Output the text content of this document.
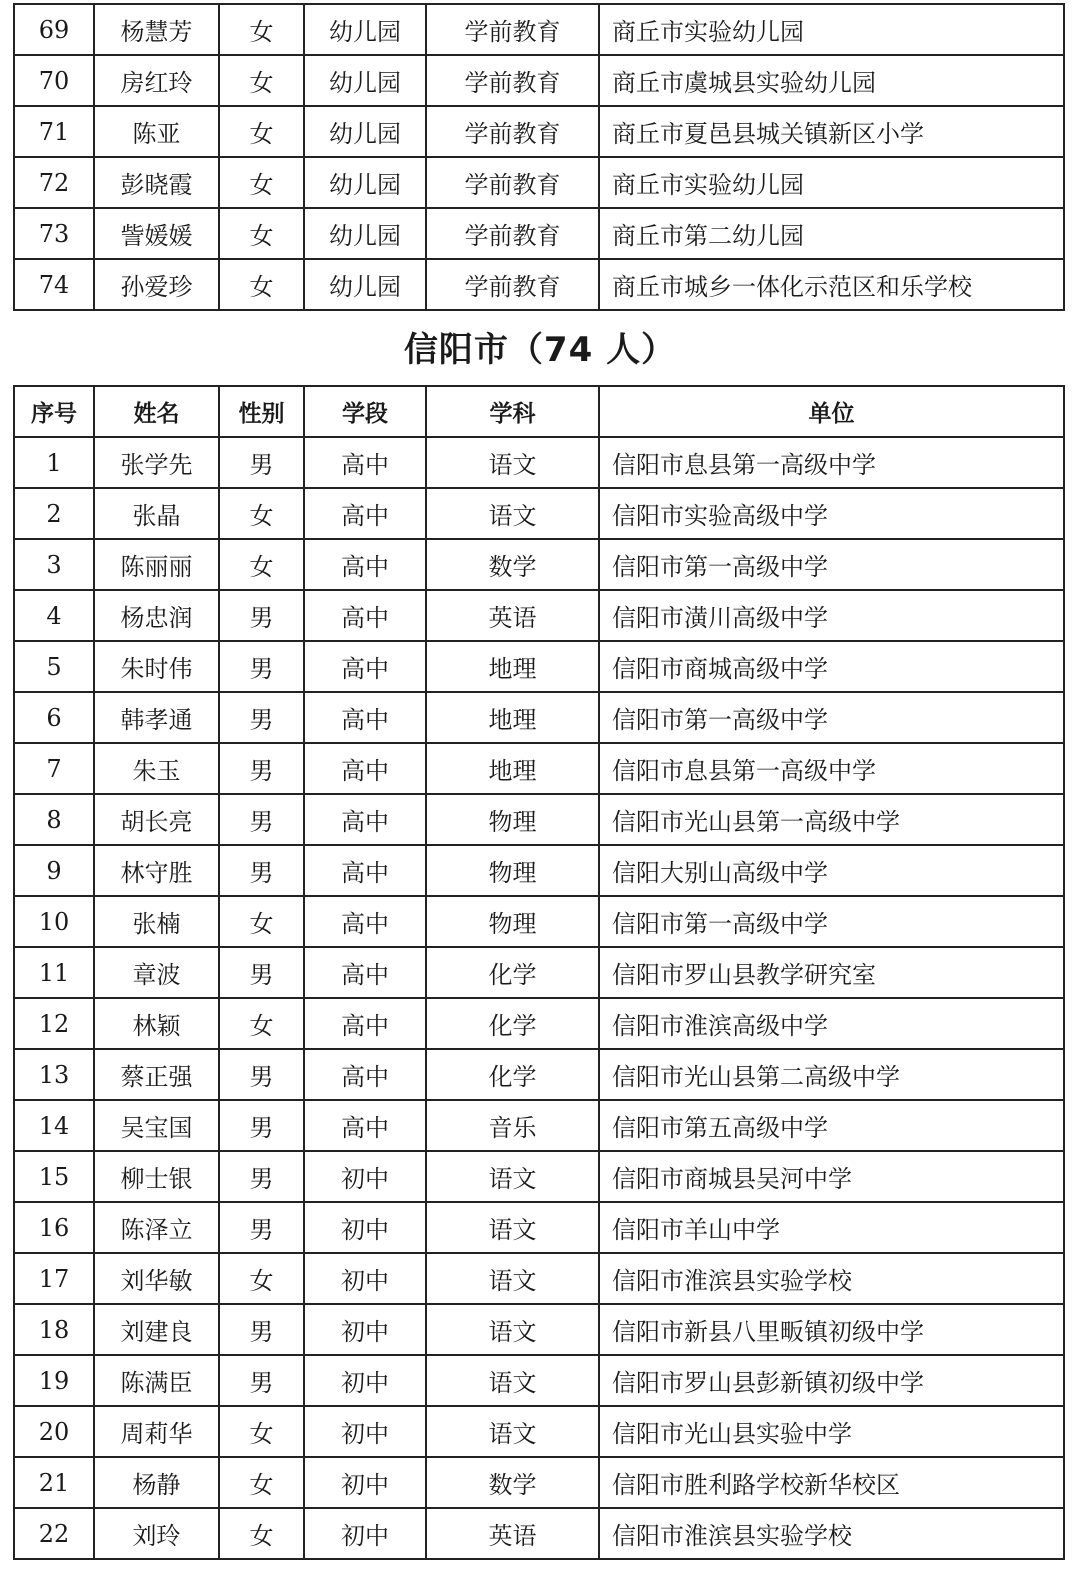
69	杨慧芳	女	幼儿园	学前教育	商丘市实验幼儿园
70	房红玲	女	幼儿园	学前教育	商丘市虞城县实验幼儿园
71	陈亚	女	幼儿园	学前教育	商丘市夏邑县城关镇新区小学
72	彭晓霞	女	幼儿园	学前教育	商丘市实验幼儿园
73	訾媛媛	女	幼儿园	学前教育	商丘市第二幼儿园
74	孙爱珍	女	幼儿园	学前教育	商丘市城乡一体化示范区和乐学校
信阳市（74 人）
序号	姓名	性别	学段	学科	单位
1	张学先	男	高中	语文	信阳市息县第一高级中学
2	张晶	女	高中	语文	信阳市实验高级中学
3	陈丽丽	女	高中	数学	信阳市第一高级中学
4	杨忠润	男	高中	英语	信阳市潢川高级中学
5	朱时伟	男	高中	地理	信阳市商城高级中学
6	韩孝通	男	高中	地理	信阳市第一高级中学
7	朱玉	男	高中	地理	信阳市息县第一高级中学
8	胡长亮	男	高中	物理	信阳市光山县第一高级中学
9	林守胜	男	高中	物理	信阳大别山高级中学
10	张楠	女	高中	物理	信阳市第一高级中学
11	章波	男	高中	化学	信阳市罗山县教学研究室
12	林颖	女	高中	化学	信阳市淮滨高级中学
13	蔡正强	男	高中	化学	信阳市光山县第二高级中学
14	吴宝国	男	高中	音乐	信阳市第五高级中学
15	柳士银	男	初中	语文	信阳市商城县吴河中学
16	陈泽立	男	初中	语文	信阳市羊山中学
17	刘华敏	女	初中	语文	信阳市淮滨县实验学校
18	刘建良	男	初中	语文	信阳市新县八里畈镇初级中学
19	陈满臣	男	初中	语文	信阳市罗山县彭新镇初级中学
20	周莉华	女	初中	语文	信阳市光山县实验中学
21	杨静	女	初中	数学	信阳市胜利路学校新华校区
22	刘玲	女	初中	英语	信阳市淮滨县实验学校
